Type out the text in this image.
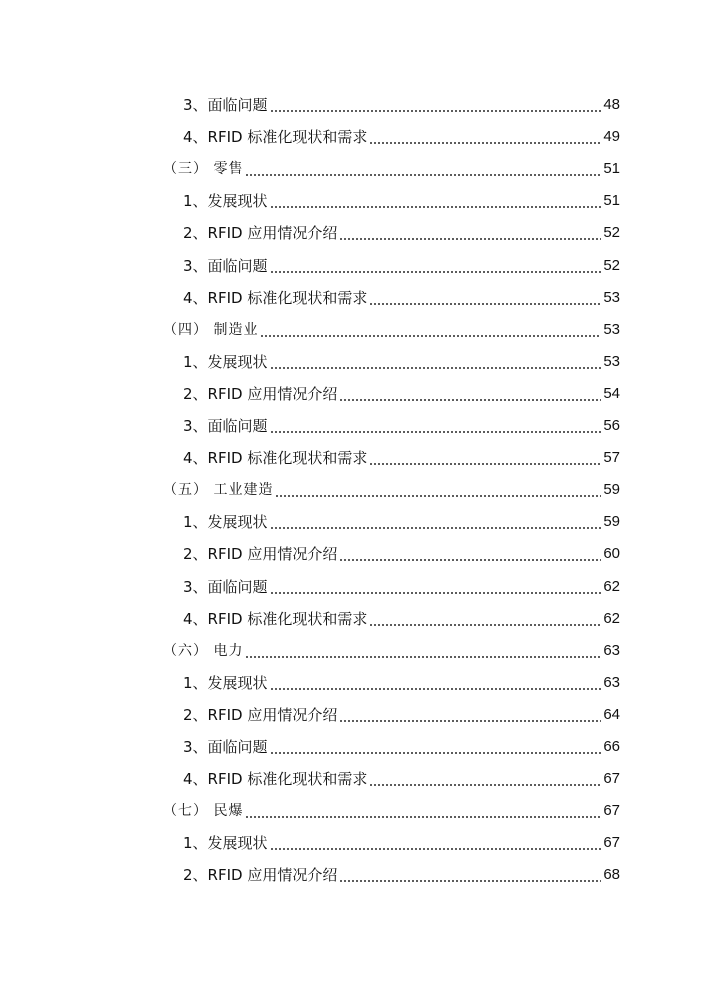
3、面临问题	48
4、RFID 标准化现状和需求	49
（三） 零售	51
1、发展现状	51
2、RFID 应用情况介绍	52
3、面临问题	52
4、RFID 标准化现状和需求	53
（四） 制造业	53
1、发展现状	53
2、RFID 应用情况介绍	54
3、面临问题	56
4、RFID 标准化现状和需求	57
（五） 工业建造	59
1、发展现状	59
2、RFID 应用情况介绍	60
3、面临问题	62
4、RFID 标准化现状和需求	62
（六） 电力	63
1、发展现状	63
2、RFID 应用情况介绍	64
3、面临问题	66
4、RFID 标准化现状和需求	67
（七） 民爆	67
1、发展现状	67
2、RFID 应用情况介绍	68
